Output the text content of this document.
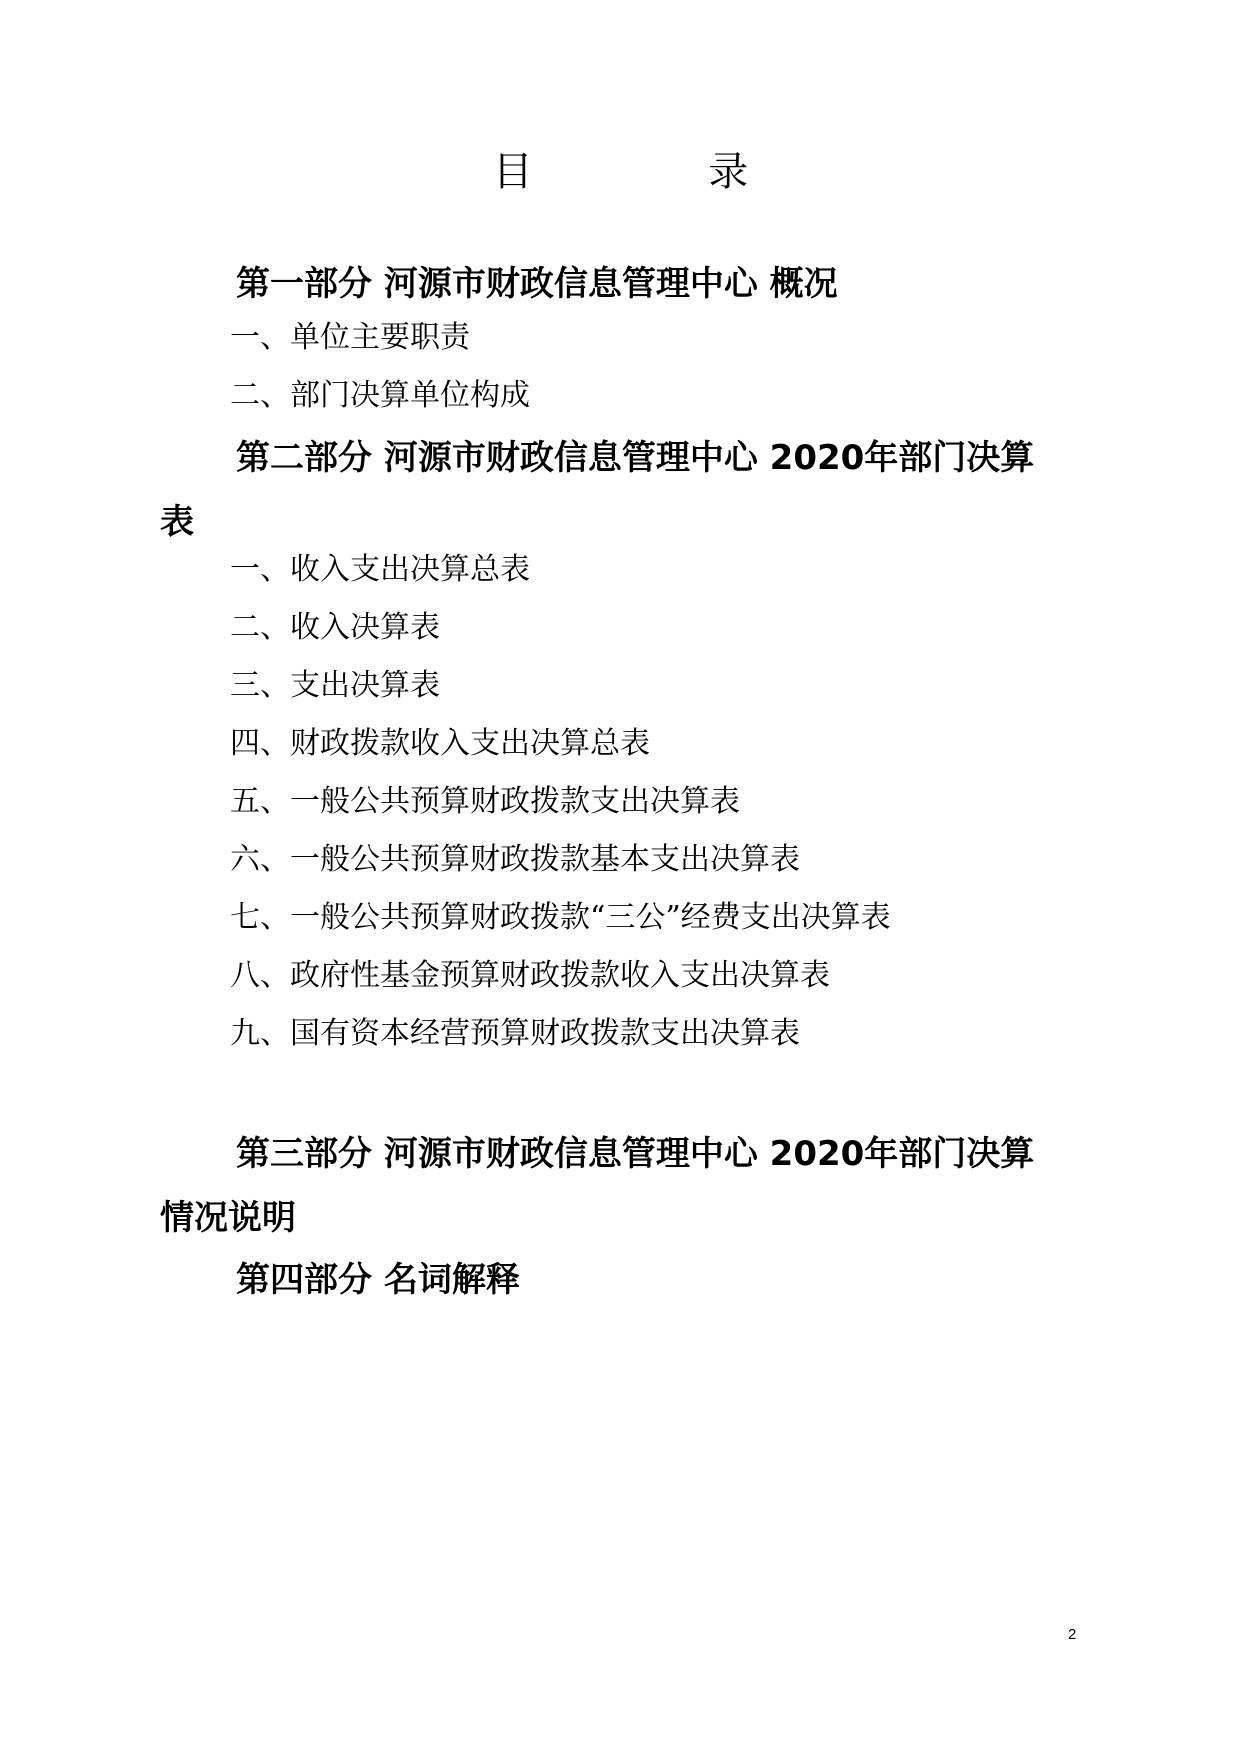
目	录
第一部分 河源市财政信息管理中心 概况
一、单位主要职责
二、部门决算单位构成
第二部分 河源市财政信息管理中心 2020年部门决算表
一、收入支出决算总表
二、收入决算表
三、支出决算表
四、财政拨款收入支出决算总表
五、一般公共预算财政拨款支出决算表
六、一般公共预算财政拨款基本支出决算表
七、一般公共预算财政拨款“三公”经费支出决算表
八、政府性基金预算财政拨款收入支出决算表
九、国有资本经营预算财政拨款支出决算表
第三部分 河源市财政信息管理中心 2020年部门决算情况说明
第四部分 名词解释
2
